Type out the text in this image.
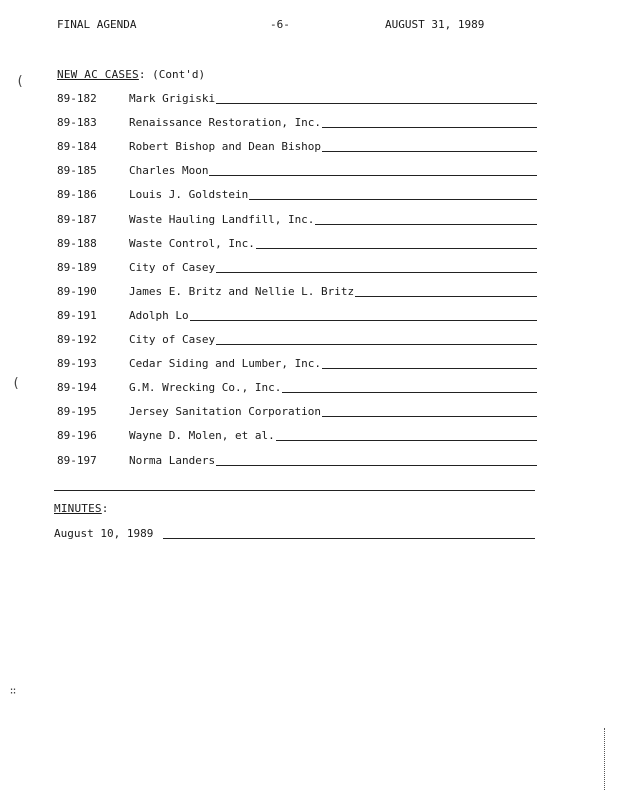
FINAL AGENDA	-6-	AUGUST 31, 1989
(
(
∷
NEW AC CASES: (Cont'd)
89-182	Mark Grigiski
89-183	Renaissance Restoration, Inc.
89-184	Robert Bishop and Dean Bishop
89-185	Charles Moon
89-186	Louis J. Goldstein
89-187	Waste Hauling Landfill, Inc.
89-188	Waste Control, Inc.
89-189	City of Casey
89-190	James E. Britz and Nellie L. Britz
89-191	Adolph Lo
89-192	City of Casey
89-193	Cedar Siding and Lumber, Inc.
89-194	G.M. Wrecking Co., Inc.
89-195	Jersey Sanitation Corporation
89-196	Wayne D. Molen, et al.
89-197	Norma Landers
MINUTES:
August 10, 1989
